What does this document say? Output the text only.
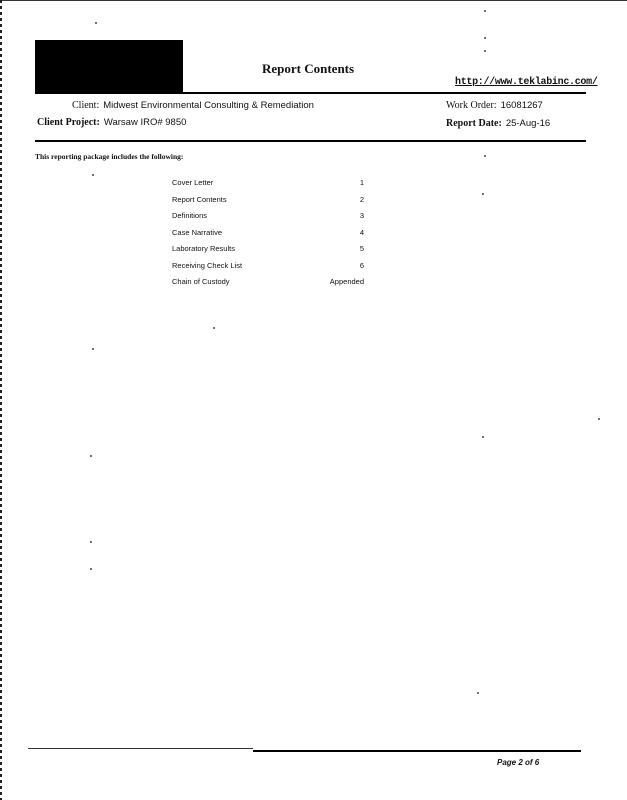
Report Contents
http://www.teklabinc.com/
Client: Midwest Environmental Consulting & Remediation
Client Project: Warsaw IRO# 9850
Work Order: 16081267
Report Date: 25-Aug-16
This reporting package includes the following:
Cover Letter	1
Report Contents	2
Definitions	3
Case Narrative	4
Laboratory Results	5
Receiving Check List	6
Chain of Custody	Appended
Page 2 of 6
